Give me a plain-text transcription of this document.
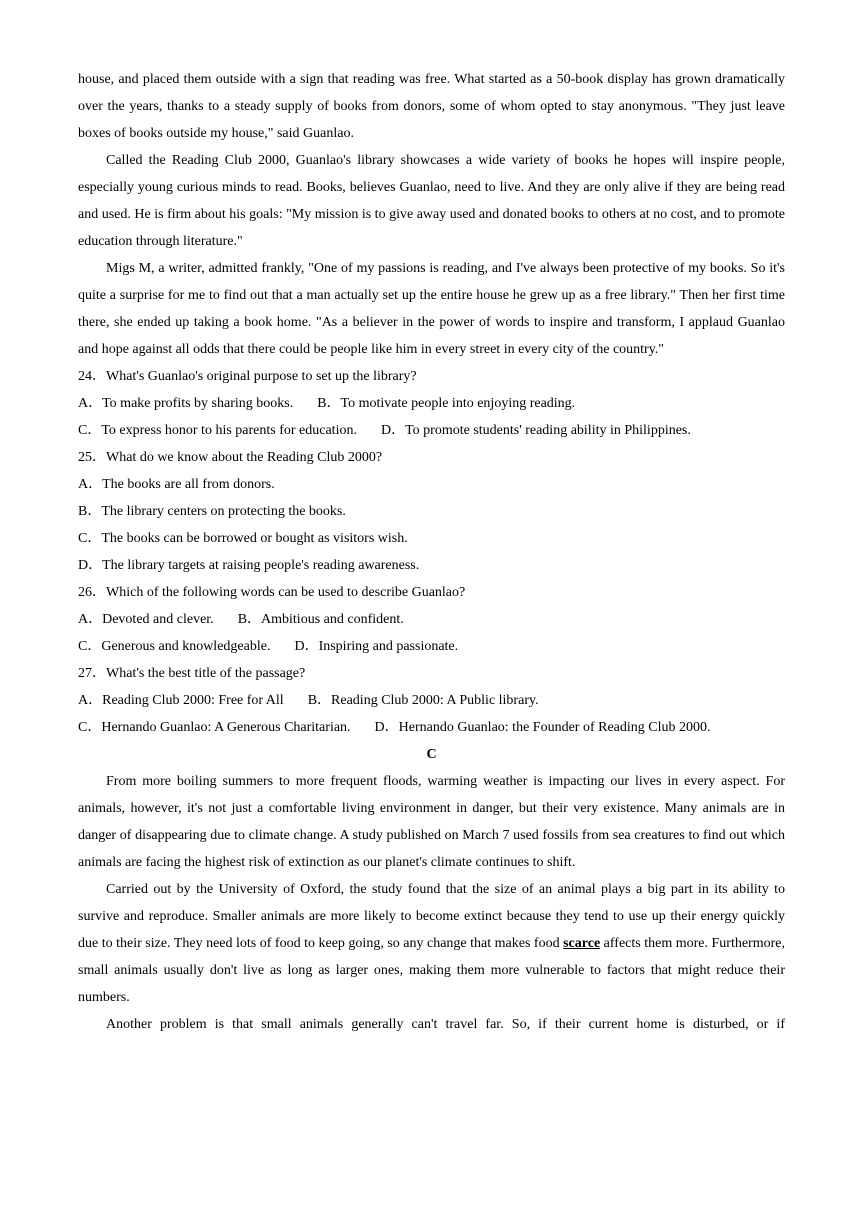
house, and placed them outside with a sign that reading was free. What started as a 50-book display has grown dramatically over the years, thanks to a steady supply of books from donors, some of whom opted to stay anonymous. "They just leave boxes of books outside my house," said Guanlao.

Called the Reading Club 2000, Guanlao's library showcases a wide variety of books he hopes will inspire people, especially young curious minds to read. Books, believes Guanlao, need to live. And they are only alive if they are being read and used. He is firm about his goals: "My mission is to give away used and donated books to others at no cost, and to promote education through literature."

Migs M, a writer, admitted frankly, "One of my passions is reading, and I've always been protective of my books. So it's quite a surprise for me to find out that a man actually set up the entire house he grew up as a free library." Then her first time there, she ended up taking a book home. "As a believer in the power of words to inspire and transform, I applaud Guanlao and hope against all odds that there could be people like him in every street in every city of the country."

24．What's Guanlao's original purpose to set up the library?

A．To make profits by sharing books. B．To motivate people into enjoying reading.

C．To express honor to his parents for education. D．To promote students' reading ability in Philippines.

25．What do we know about the Reading Club 2000?

A．The books are all from donors.

B．The library centers on protecting the books.

C．The books can be borrowed or bought as visitors wish.

D．The library targets at raising people's reading awareness.

26．Which of the following words can be used to describe Guanlao?

A．Devoted and clever. B．Ambitious and confident.

C．Generous and knowledgeable. D．Inspiring and passionate.

27．What's the best title of the passage?

A．Reading Club 2000: Free for All B．Reading Club 2000: A Public library.

C．Hernando Guanlao: A Generous Charitarian. D．Hernando Guanlao: the Founder of Reading Club 2000.

C

From more boiling summers to more frequent floods, warming weather is impacting our lives in every aspect. For animals, however, it's not just a comfortable living environment in danger, but their very existence. Many animals are in danger of disappearing due to climate change. A study published on March 7 used fossils from sea creatures to find out which animals are facing the highest risk of extinction as our planet's climate continues to shift.

Carried out by the University of Oxford, the study found that the size of an animal plays a big part in its ability to survive and reproduce. Smaller animals are more likely to become extinct because they tend to use up their energy quickly due to their size. They need lots of food to keep going, so any change that makes food scarce affects them more. Furthermore, small animals usually don't live as long as larger ones, making them more vulnerable to factors that might reduce their numbers.

Another problem is that small animals generally can't travel far. So, if their current home is disturbed, or if
